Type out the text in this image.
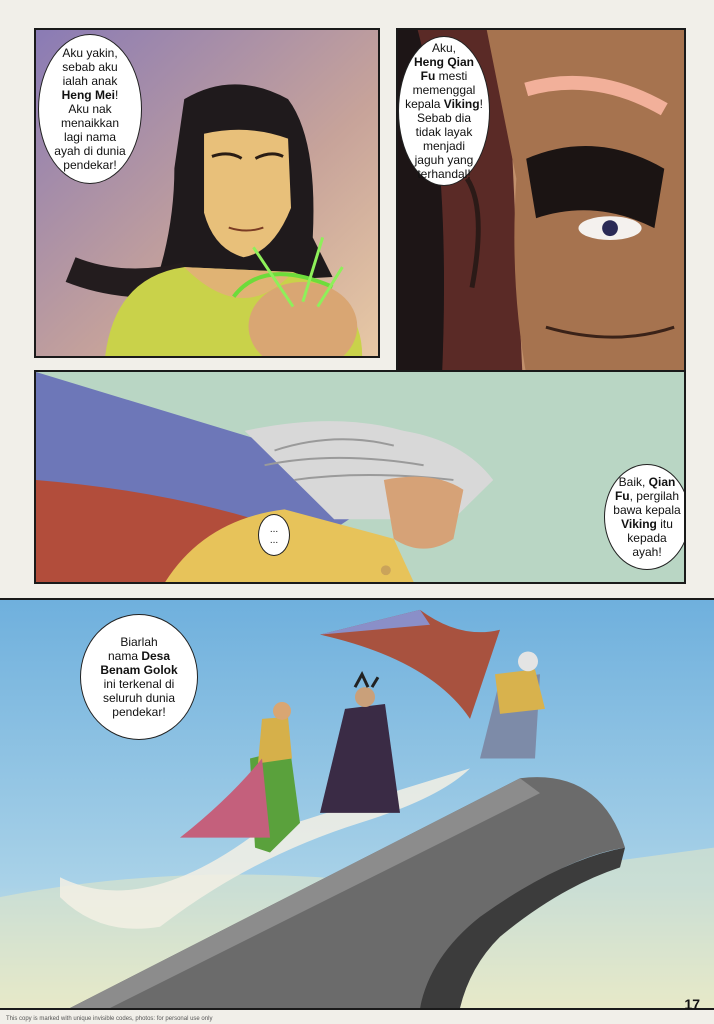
Aku yakin,
sebab aku
ialah anak
Heng Mei!
Aku nak
menaikkan
lagi nama
ayah di dunia
pendekar!
Aku,
Heng Qian
Fu mesti
memenggal
kepala Viking!
Sebab dia
tidak layak
menjadi
jaguh yang
terhandal!
...
...
Baik, Qian
Fu, pergilah
bawa kepala
Viking itu
kepada
ayah!
Biarlah
nama Desa
Benam Golok
ini terkenal di
seluruh dunia
pendekar!
17
This copy is marked with unique invisible codes, photos: for personal use only
